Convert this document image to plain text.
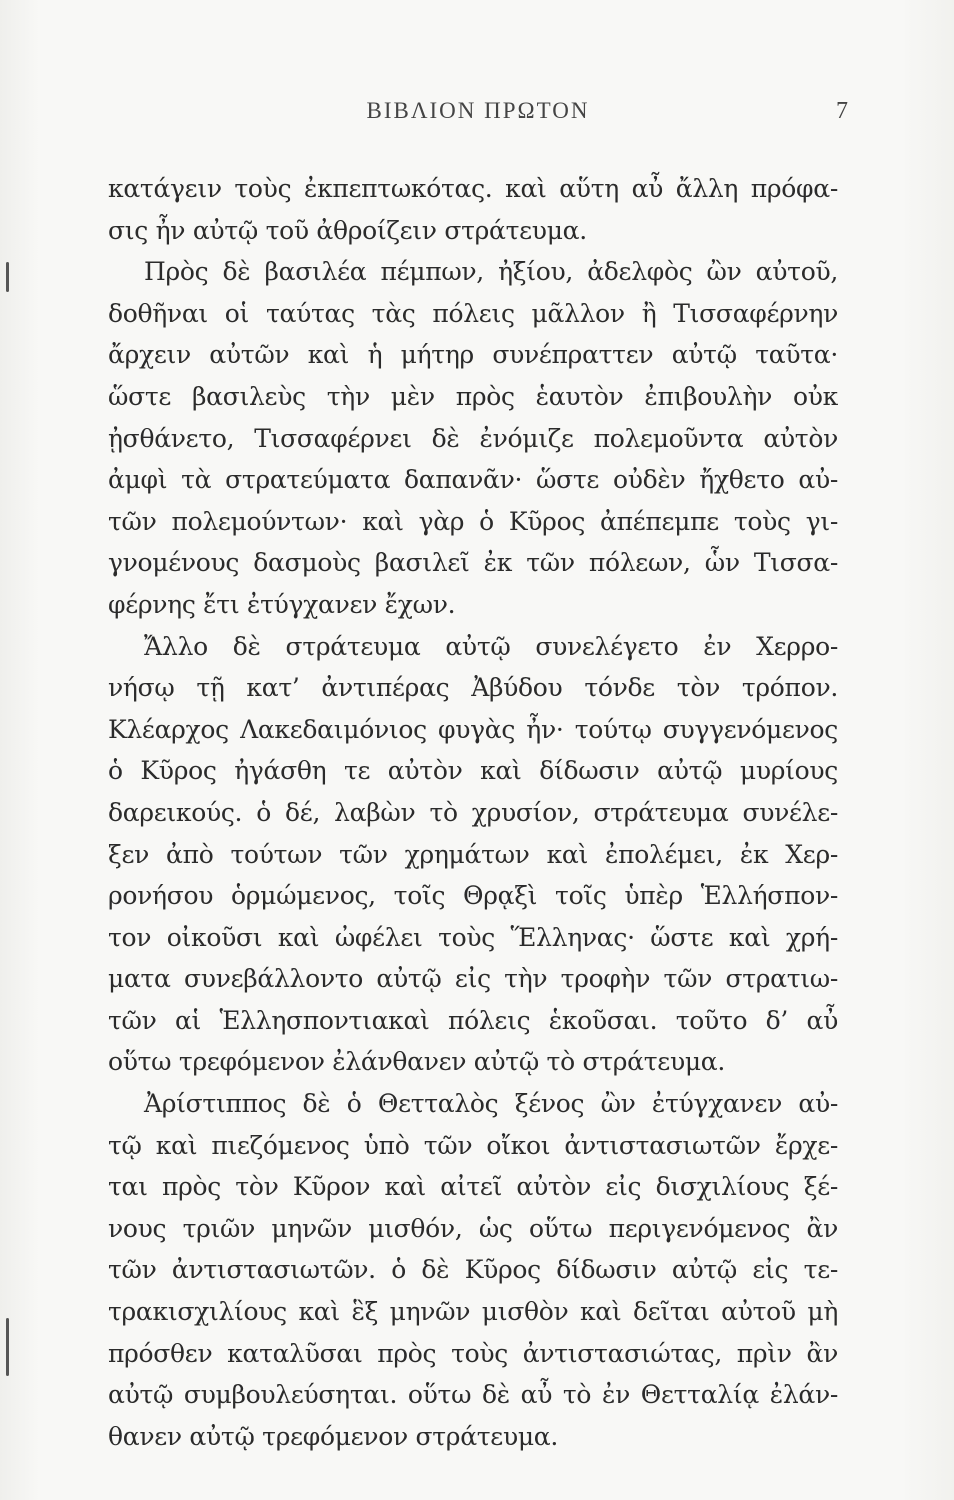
ΒΙΒΛΙΟΝ ΠΡΩΤΟΝ	7
κατάγειν τοὺς ἐκπεπτωκότας. καὶ αὕτη αὖ ἄλλη πρόφα-
σις ἦν αὐτῷ τοῦ ἀθροίζειν στράτευμα.
Πρὸς δὲ βασιλέα πέμπων, ἠξίου, ἀδελφὸς ὢν αὐτοῦ,
δοθῆναι οἱ ταύτας τὰς πόλεις μᾶλλον ἢ Τισσαφέρνην
ἄρχειν αὐτῶν καὶ ἡ μήτηρ συνέπραττεν αὐτῷ ταῦτα·
ὥστε βασιλεὺς τὴν μὲν πρὸς ἑαυτὸν ἐπιβουλὴν οὐκ
ᾐσθάνετο, Τισσαφέρνει δὲ ἐνόμιζε πολεμοῦντα αὐτὸν
ἀμφὶ τὰ στρατεύματα δαπανᾶν· ὥστε οὐδὲν ἤχθετο αὐ-
τῶν πολεμούντων· καὶ γὰρ ὁ Κῦρος ἀπέπεμπε τοὺς γι-
γνομένους δασμοὺς βασιλεῖ ἐκ τῶν πόλεων, ὧν Τισσα-
φέρνης ἔτι ἐτύγχανεν ἔχων.
Ἄλλο δὲ στράτευμα αὐτῷ συνελέγετο ἐν Χερρο-
νήσῳ τῇ κατ’ ἀντιπέρας Ἀβύδου τόνδε τὸν τρόπον.
Κλέαρχος Λακεδαιμόνιος φυγὰς ἦν· τούτῳ συγγενόμενος
ὁ Κῦρος ἠγάσθη τε αὐτὸν καὶ δίδωσιν αὐτῷ μυρίους
δαρεικούς. ὁ δέ, λαβὼν τὸ χρυσίον, στράτευμα συνέλε-
ξεν ἀπὸ τούτων τῶν χρημάτων καὶ ἐπολέμει, ἐκ Χερ-
ρονήσου ὁρμώμενος, τοῖς Θρᾳξὶ τοῖς ὑπὲρ Ἑλλήσπον-
τον οἰκοῦσι καὶ ὠφέλει τοὺς Ἕλληνας· ὥστε καὶ χρή-
ματα συνεβάλλοντο αὐτῷ εἰς τὴν τροφὴν τῶν στρατιω-
τῶν αἱ Ἑλλησποντιακαὶ πόλεις ἑκοῦσαι. τοῦτο δ’ αὖ
οὕτω τρεφόμενον ἐλάνθανεν αὐτῷ τὸ στράτευμα.
Ἀρίστιππος δὲ ὁ Θετταλὸς ξένος ὢν ἐτύγχανεν αὐ-
τῷ καὶ πιεζόμενος ὑπὸ τῶν οἴκοι ἀντιστασιωτῶν ἔρχε-
ται πρὸς τὸν Κῦρον καὶ αἰτεῖ αὐτὸν εἰς δισχιλίους ξέ-
νους τριῶν μηνῶν μισθόν, ὡς οὕτω περιγενόμενος ἂν
τῶν ἀντιστασιωτῶν. ὁ δὲ Κῦρος δίδωσιν αὐτῷ εἰς τε-
τρακισχιλίους καὶ ἓξ μηνῶν μισθὸν καὶ δεῖται αὐτοῦ μὴ
πρόσθεν καταλῦσαι πρὸς τοὺς ἀντιστασιώτας, πρὶν ἂν
αὐτῷ συμβουλεύσηται. οὕτω δὲ αὖ τὸ ἐν Θετταλίᾳ ἐλάν-
θανεν αὐτῷ τρεφόμενον στράτευμα.
